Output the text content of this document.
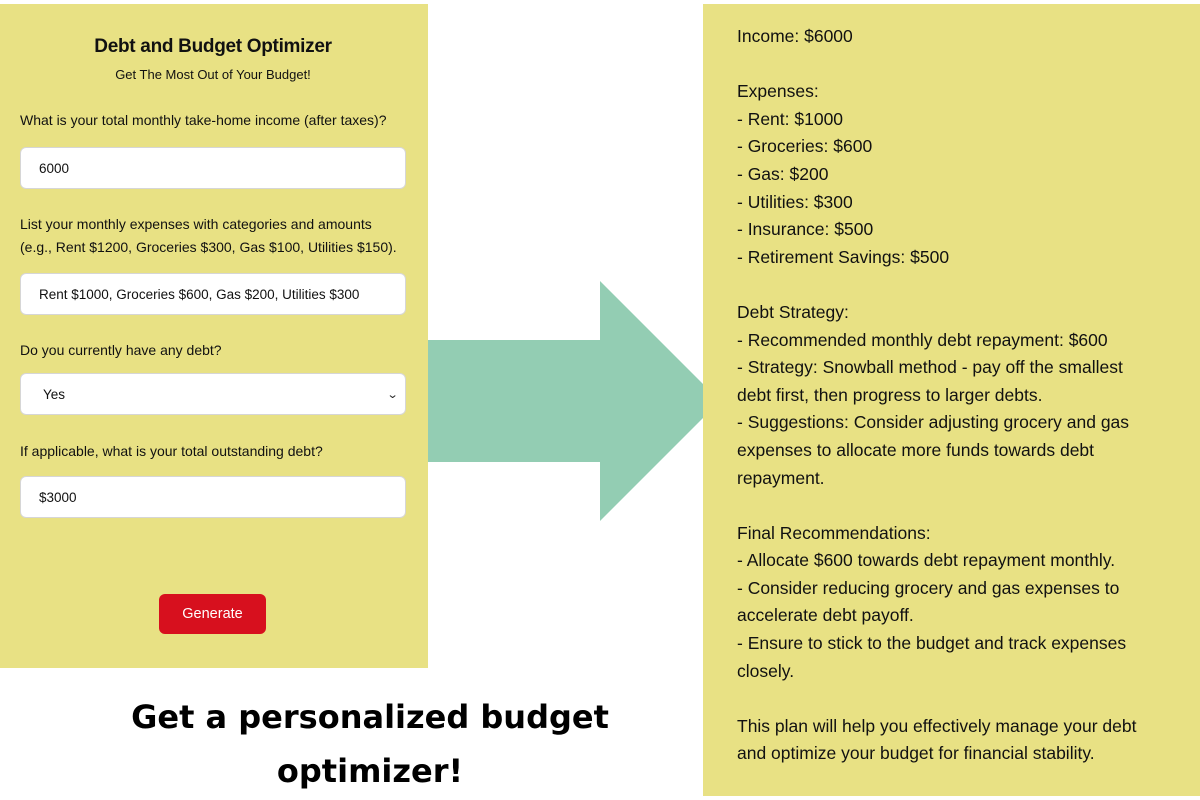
Debt and Budget Optimizer
Get The Most Out of Your Budget!
What is your total monthly take-home income (after taxes)?
6000
List your monthly expenses with categories and amounts (e.g., Rent $1200, Groceries $300, Gas $100, Utilities $150).
Rent $1000, Groceries $600, Gas $200, Utilities $300
Do you currently have any debt?
Yes	⌄
If applicable, what is your total outstanding debt?
$3000
Generate
Get a personalized budget
optimizer!
Income: $6000
Expenses:
- Rent: $1000
- Groceries: $600
- Gas: $200
- Utilities: $300
- Insurance: $500
- Retirement Savings: $500
Debt Strategy:
- Recommended monthly debt repayment: $600
- Strategy: Snowball method - pay off the smallest
debt first, then progress to larger debts.
- Suggestions: Consider adjusting grocery and gas
expenses to allocate more funds towards debt
repayment.
Final Recommendations:
- Allocate $600 towards debt repayment monthly.
- Consider reducing grocery and gas expenses to
accelerate debt payoff.
- Ensure to stick to the budget and track expenses
closely.
This plan will help you effectively manage your debt
and optimize your budget for financial stability.
